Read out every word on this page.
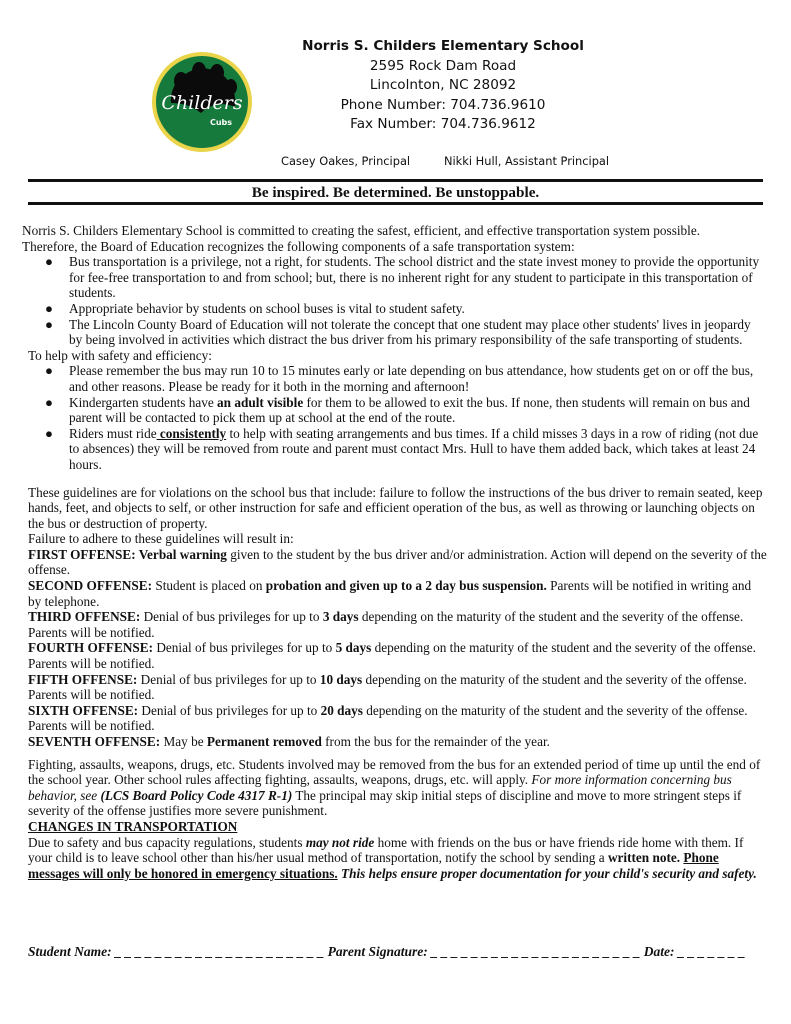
Childers
Cubs
Norris S. Childers Elementary School
2595 Rock Dam Road
Lincolnton, NC 28092
Phone Number: 704.736.9610
Fax Number: 704.736.9612
Casey Oakes, Principal	Nikki Hull, Assistant Principal
Be inspired. Be determined. Be unstoppable.

Norris S. Childers Elementary School is committed to creating the safest, efficient, and effective transportation system possible. Therefore, the Board of Education recognizes the following components of a safe transportation system:

● Bus transportation is a privilege, not a right, for students. The school district and the state invest money to provide the opportunity for fee-free transportation to and from school; but, there is no inherent right for any student to participate in this transportation of students.
● Appropriate behavior by students on school buses is vital to student safety.
● The Lincoln County Board of Education will not tolerate the concept that one student may place other students' lives in jeopardy by being involved in activities which distract the bus driver from his primary responsibility of the safe transporting of students.

To help with safety and efficiency:

● Please remember the bus may run 10 to 15 minutes early or late depending on bus attendance, how students get on or off the bus, and other reasons. Please be ready for it both in the morning and afternoon!
● Kindergarten students have an adult visible for them to be allowed to exit the bus. If none, then students will remain on bus and parent will be contacted to pick them up at school at the end of the route.
● Riders must ride consistently to help with seating arrangements and bus times. If a child misses 3 days in a row of riding (not due to absences) they will be removed from route and parent must contact Mrs. Hull to have them added back, which takes at least 24 hours.

These guidelines are for violations on the school bus that include: failure to follow the instructions of the bus driver to remain seated, keep hands, feet, and objects to self, or other instruction for safe and efficient operation of the bus, as well as throwing or launching objects on the bus or destruction of property.

Failure to adhere to these guidelines will result in:

FIRST OFFENSE: Verbal warning given to the student by the bus driver and/or administration. Action will depend on the severity of the offense.

SECOND OFFENSE: Student is placed on probation and given up to a 2 day bus suspension. Parents will be notified in writing and by telephone.

THIRD OFFENSE: Denial of bus privileges for up to 3 days depending on the maturity of the student and the severity of the offense. Parents will be notified.

FOURTH OFFENSE: Denial of bus privileges for up to 5 days depending on the maturity of the student and the severity of the offense. Parents will be notified.

FIFTH OFFENSE: Denial of bus privileges for up to 10 days depending on the maturity of the student and the severity of the offense. Parents will be notified.

SIXTH OFFENSE: Denial of bus privileges for up to 20 days depending on the maturity of the student and the severity of the offense. Parents will be notified.

SEVENTH OFFENSE: May be Permanent removed from the bus for the remainder of the year.

Fighting, assaults, weapons, drugs, etc. Students involved may be removed from the bus for an extended period of time up until the end of the school year. Other school rules affecting fighting, assaults, weapons, drugs, etc. will apply. For more information concerning bus behavior, see (LCS Board Policy Code 4317 R-1) The principal may skip initial steps of discipline and move to more stringent steps if severity of the offense justifies more severe punishment.

CHANGES IN TRANSPORTATION

Due to safety and bus capacity regulations, students may not ride home with friends on the bus or have friends ride home with them. If your child is to leave school other than his/her usual method of transportation, notify the school by sending a written note. Phone messages will only be honored in emergency situations. This helps ensure proper documentation for your child's security and safety.

Student Name: _ _ _ _ _ _ _ _ _ _ _ _ _ _ _ _ _ _ _ _ _ Parent Signature: _ _ _ _ _ _ _ _ _ _ _ _ _ _ _ _ _ _ _ _ _ Date: _ _ _ _ _ _ _
